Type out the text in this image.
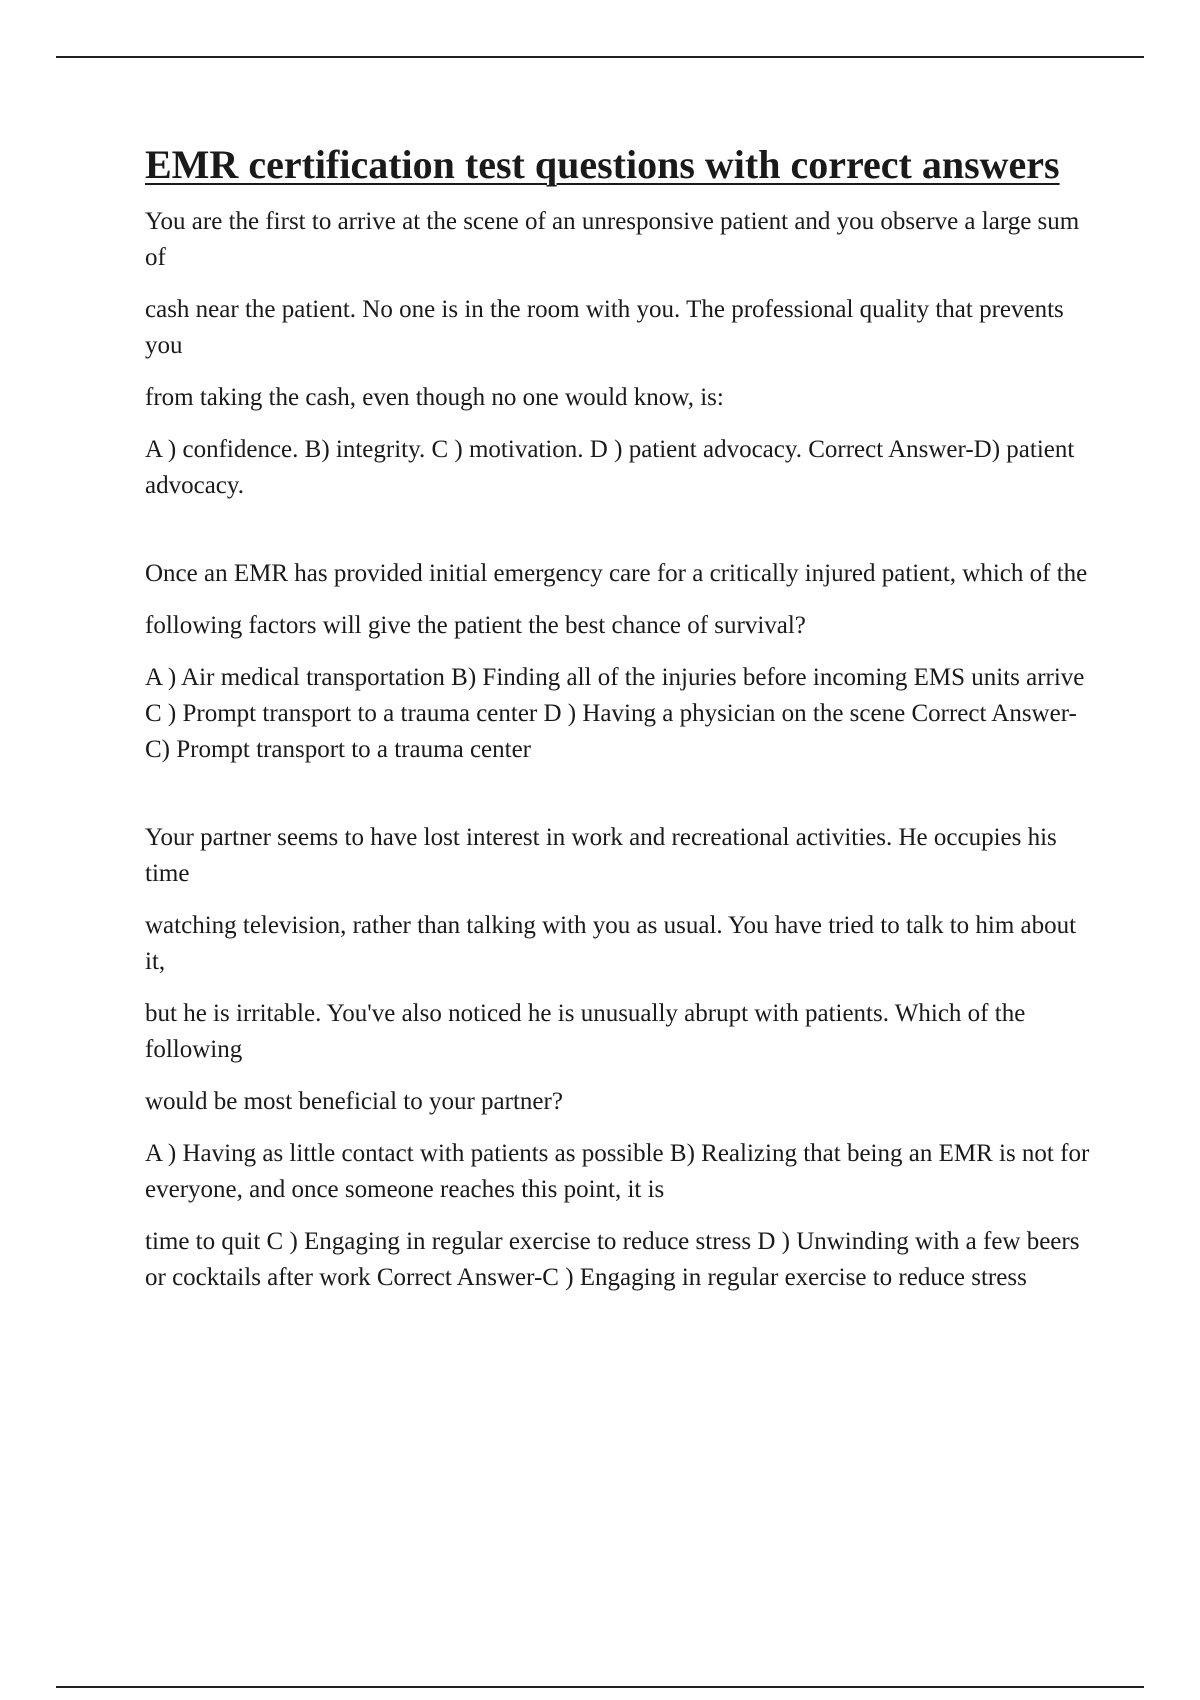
EMR certification test questions with correct answers

You are the first to arrive at the scene of an unresponsive patient and you observe a large sum of

cash near the patient. No one is in the room with you. The professional quality that prevents you

from taking the cash, even though no one would know, is:

A ) confidence. B) integrity. C ) motivation. D ) patient advocacy. Correct Answer-D) patient advocacy.

Once an EMR has provided initial emergency care for a critically injured patient, which of the

following factors will give the patient the best chance of survival?

A ) Air medical transportation B) Finding all of the injuries before incoming EMS units arrive C ) Prompt transport to a trauma center D ) Having a physician on the scene Correct Answer-C) Prompt transport to a trauma center

Your partner seems to have lost interest in work and recreational activities. He occupies his time

watching television, rather than talking with you as usual. You have tried to talk to him about it,

but he is irritable. You've also noticed he is unusually abrupt with patients. Which of the following

would be most beneficial to your partner?

A ) Having as little contact with patients as possible B) Realizing that being an EMR is not for everyone, and once someone reaches this point, it is

time to quit C ) Engaging in regular exercise to reduce stress D ) Unwinding with a few beers or cocktails after work Correct Answer-C ) Engaging in regular exercise to reduce stress
